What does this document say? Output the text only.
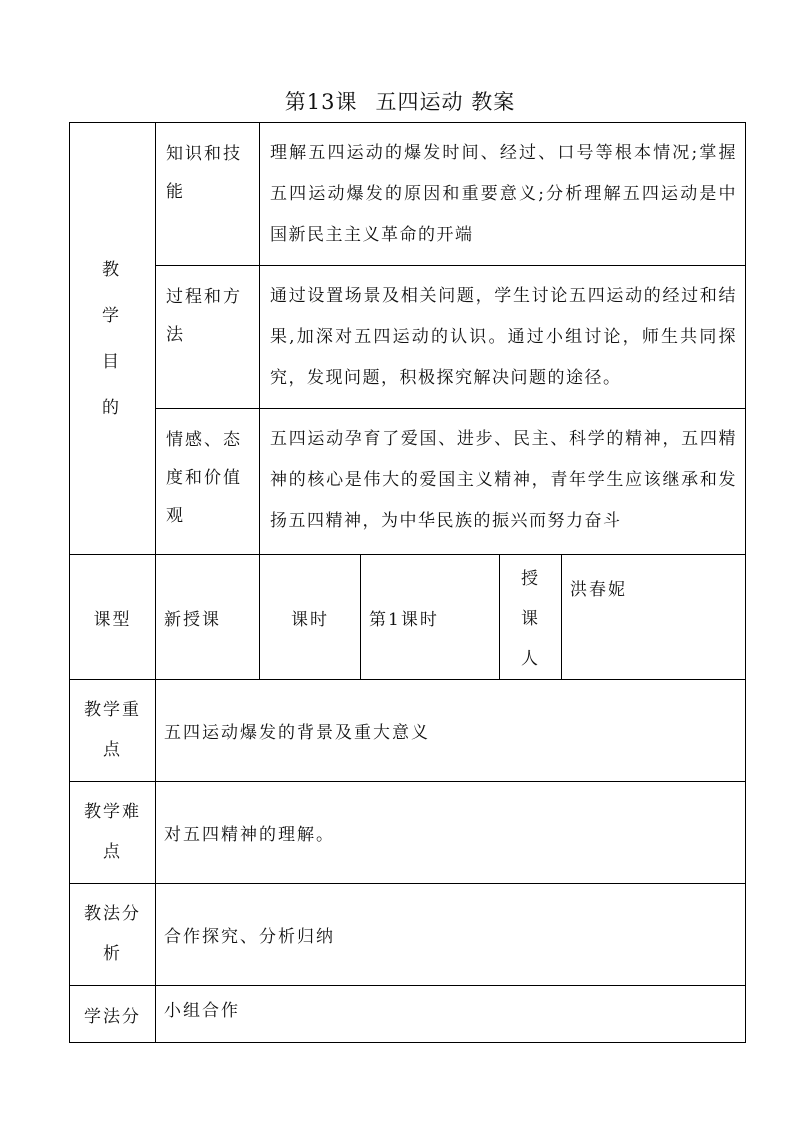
第13课 五四运动 教案
教学目的	知识和技能	理解五四运动的爆发时间、经过、口号等根本情况;掌握五四运动爆发的原因和重要意义;分析理解五四运动是中国新民主主义革命的开端			
	过程和方法	通过设置场景及相关问题，学生讨论五四运动的经过和结果,加深对五四运动的认识。通过小组讨论，师生共同探究，发现问题，积极探究解决问题的途径。			
	情感、态度和价值观	五四运动孕育了爱国、进步、民主、科学的精神，五四精神的核心是伟大的爱国主义精神，青年学生应该继承和发扬五四精神，为中华民族的振兴而努力奋斗			
课型	新授课	课时	第1课时	授课人	洪春妮
教学重点	五四运动爆发的背景及重大意义				
教学难点	对五四精神的理解。				
教法分析	合作探究、分析归纳				
学法分	小组合作				
